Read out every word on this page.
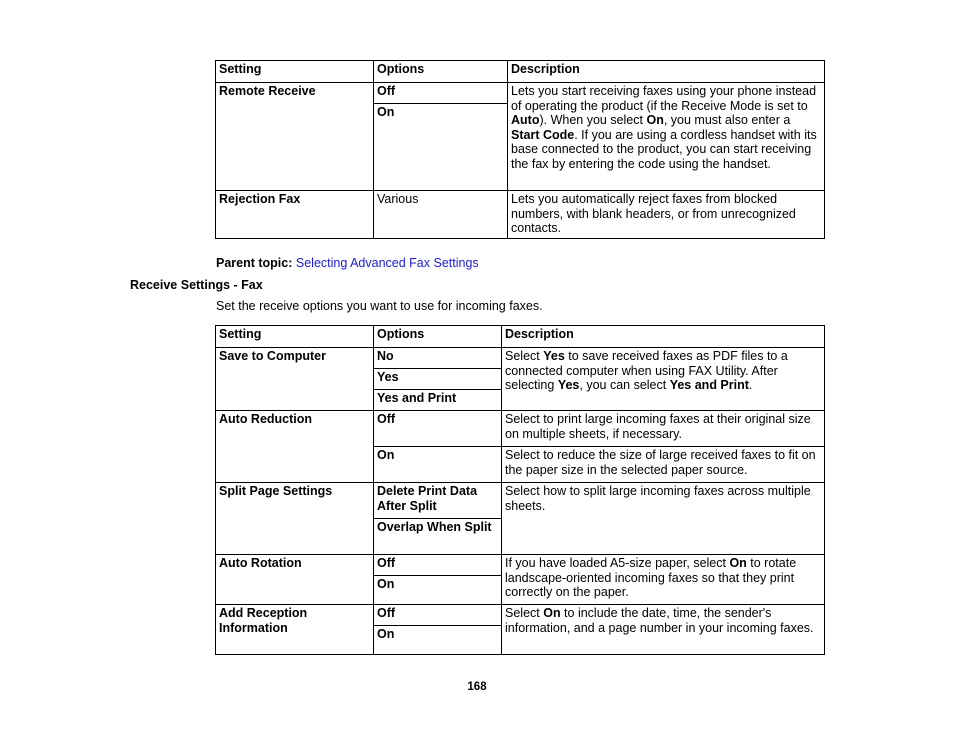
Setting	Options	Description
Remote Receive	Off	Lets you start receiving faxes using your phone instead of operating the product (if the Receive Mode is set to Auto). When you select On, you must also enter a Start Code. If you are using a cordless handset with its base connected to the product, you can start receiving the fax by entering the code using the handset.
	On	
Rejection Fax	Various	Lets you automatically reject faxes from blocked numbers, with blank headers, or from unrecognized contacts.
Parent topic: Selecting Advanced Fax Settings
Receive Settings - Fax
Set the receive options you want to use for incoming faxes.
Setting	Options	Description
Save to Computer	No	Select Yes to save received faxes as PDF files to a connected computer when using FAX Utility. After selecting Yes, you can select Yes and Print.
	Yes	
	Yes and Print	
Auto Reduction	Off	Select to print large incoming faxes at their original size on multiple sheets, if necessary.
	On	Select to reduce the size of large received faxes to fit on the paper size in the selected paper source.
Split Page Settings	Delete Print Data After Split	Select how to split large incoming faxes across multiple sheets.
	Overlap When Split	
Auto Rotation	Off	If you have loaded A5-size paper, select On to rotate landscape-oriented incoming faxes so that they print correctly on the paper.
	On	
Add Reception Information	Off	Select On to include the date, time, the sender's information, and a page number in your incoming faxes.
	On	
168
